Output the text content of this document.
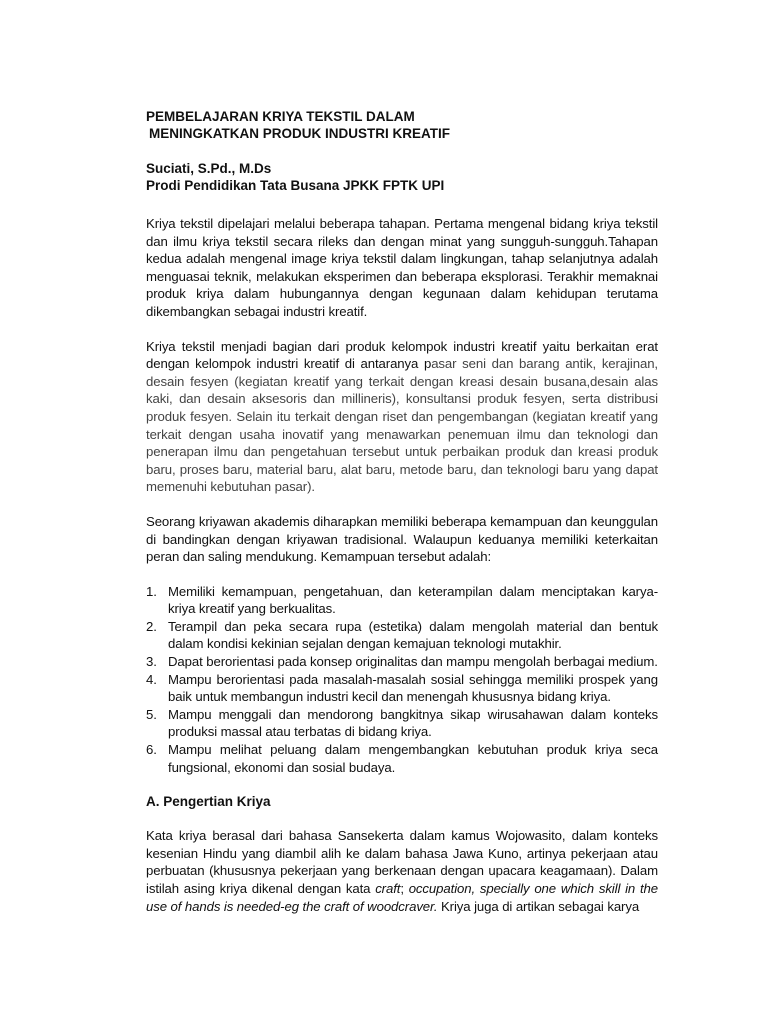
PEMBELAJARAN KRIYA TEKSTIL DALAM
MENINGKATKAN PRODUK INDUSTRI KREATIF
Suciati, S.Pd., M.Ds
Prodi Pendidikan Tata Busana JPKK FPTK UPI

Kriya tekstil dipelajari melalui beberapa tahapan. Pertama mengenal bidang kriya tekstil dan ilmu kriya tekstil secara rileks dan dengan minat yang sungguh-sungguh.Tahapan kedua adalah mengenal image kriya tekstil dalam lingkungan, tahap selanjutnya adalah menguasai teknik, melakukan eksperimen dan beberapa eksplorasi. Terakhir memaknai produk kriya dalam hubungannya dengan kegunaan dalam kehidupan terutama dikembangkan sebagai industri kreatif.

Kriya tekstil menjadi bagian dari produk kelompok industri kreatif yaitu berkaitan erat dengan kelompok industri kreatif di antaranya pasar seni dan barang antik, kerajinan, desain fesyen (kegiatan kreatif yang terkait dengan kreasi desain busana,desain alas kaki, dan desain aksesoris dan millineris), konsultansi produk fesyen, serta distribusi produk fesyen. Selain itu terkait dengan riset dan pengembangan (kegiatan kreatif yang terkait dengan usaha inovatif yang menawarkan penemuan ilmu dan teknologi dan penerapan ilmu dan pengetahuan tersebut untuk perbaikan produk dan kreasi produk baru, proses baru, material baru, alat baru, metode baru, dan teknologi baru yang dapat memenuhi kebutuhan pasar).

Seorang kriyawan akademis diharapkan memiliki beberapa kemampuan dan keunggulan di bandingkan dengan kriyawan tradisional. Walaupun keduanya memiliki keterkaitan peran dan saling mendukung. Kemampuan tersebut adalah:

1. Memiliki kemampuan, pengetahuan, dan keterampilan dalam menciptakan karya-kriya kreatif yang berkualitas.
2. Terampil dan peka secara rupa (estetika) dalam mengolah material dan bentuk dalam kondisi kekinian sejalan dengan kemajuan teknologi mutakhir.
3. Dapat berorientasi pada konsep originalitas dan mampu mengolah berbagai medium.
4. Mampu berorientasi pada masalah-masalah sosial sehingga memiliki prospek yang baik untuk membangun industri kecil dan menengah khususnya bidang kriya.
5. Mampu menggali dan mendorong bangkitnya sikap wirusahawan dalam konteks produksi massal atau terbatas di bidang kriya.
6. Mampu melihat peluang dalam mengembangkan kebutuhan produk kriya seca fungsional, ekonomi dan sosial budaya.
A. Pengertian Kriya

Kata kriya berasal dari bahasa Sansekerta dalam kamus Wojowasito, dalam konteks kesenian Hindu yang diambil alih ke dalam bahasa Jawa Kuno, artinya pekerjaan atau perbuatan (khususnya pekerjaan yang berkenaan dengan upacara keagamaan). Dalam istilah asing kriya dikenal dengan kata craft; occupation, specially one which skill in the use of hands is needed-eg the craft of woodcraver. Kriya juga di artikan sebagai karya
